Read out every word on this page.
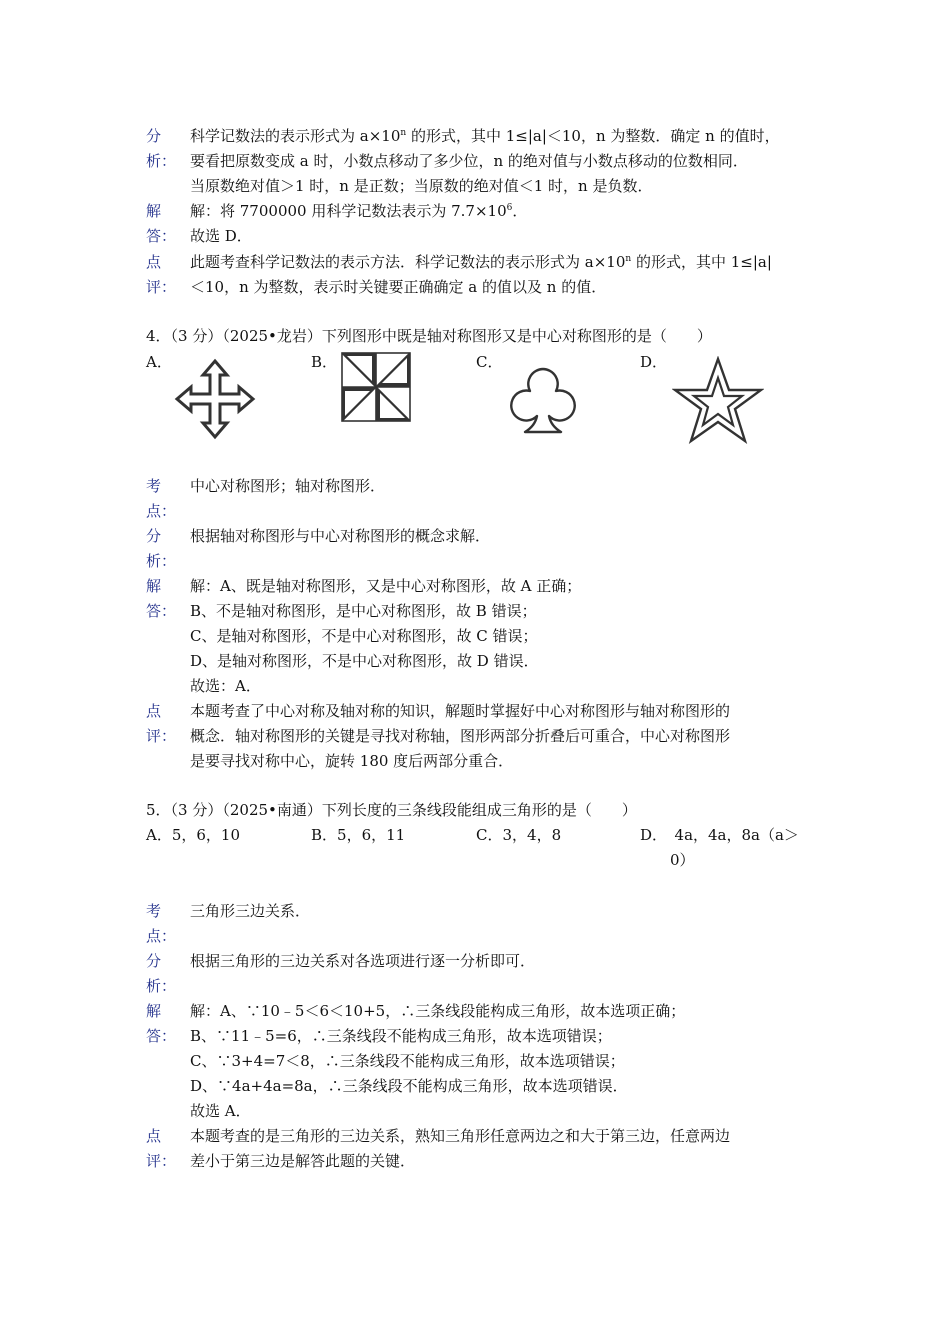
分	科学记数法的表示形式为 $a\times 10^n$ 的形式，其中 1≤|a|＜10，n 为整数．确定 n 的值时，
析： 要看把原数变成 a 时，小数点移动了多少位，n 的绝对值与小数点移动的位数相同．
当原数绝对值＞1 时，n 是正数；当原数的绝对值＜1 时，n 是负数．
解	解：将 7700000 用科学记数法表示为 $7.7\times 10^6$．
答： 故选 D．
点	此题考查科学记数法的表示方法．科学记数法的表示形式为 $a\times 10^n$ 的形式，其中 1≤|a|
评： ＜10，n 为整数，表示时关键要正确确定 a 的值以及 n 的值．
4．（3 分）（2025•龙岩）下列图形中既是轴对称图形又是中心对称图形的是（　　）
A．	B．	C．	D．
考	中心对称图形；轴对称图形．
点：
分	根据轴对称图形与中心对称图形的概念求解．
析：
解	解：A、既是轴对称图形，又是中心对称图形，故 A 正确；
答： B、不是轴对称图形，是中心对称图形，故 B 错误；
C、是轴对称图形，不是中心对称图形，故 C 错误；
D、是轴对称图形，不是中心对称图形，故 D 错误．
故选：A．
点	本题考查了中心对称及轴对称的知识，解题时掌握好中心对称图形与轴对称图形的
评： 概念．轴对称图形的关键是寻找对称轴，图形两部分折叠后可重合，中心对称图形
是要寻找对称中心，旋转 180 度后两部分重合．
5．（3 分）（2025•南通）下列长度的三条线段能组成三角形的是（　　）
A．5，6，10	B．5，6，11	C．3，4，8	D．　4a，4a，8a（a＞
0）
考	三角形三边关系．
点：
分	根据三角形的三边关系对各选项进行逐一分析即可．
析：
解	解：A、∵10﹣5＜6＜10+5，∴三条线段能构成三角形，故本选项正确；
答： B、∵11﹣5=6，∴三条线段不能构成三角形，故本选项错误；
C、∵3+4=7＜8，∴三条线段不能构成三角形，故本选项错误；
D、∵4a+4a=8a，∴三条线段不能构成三角形，故本选项错误．
故选 A．
点	本题考查的是三角形的三边关系，熟知三角形任意两边之和大于第三边，任意两边
评： 差小于第三边是解答此题的关键．
